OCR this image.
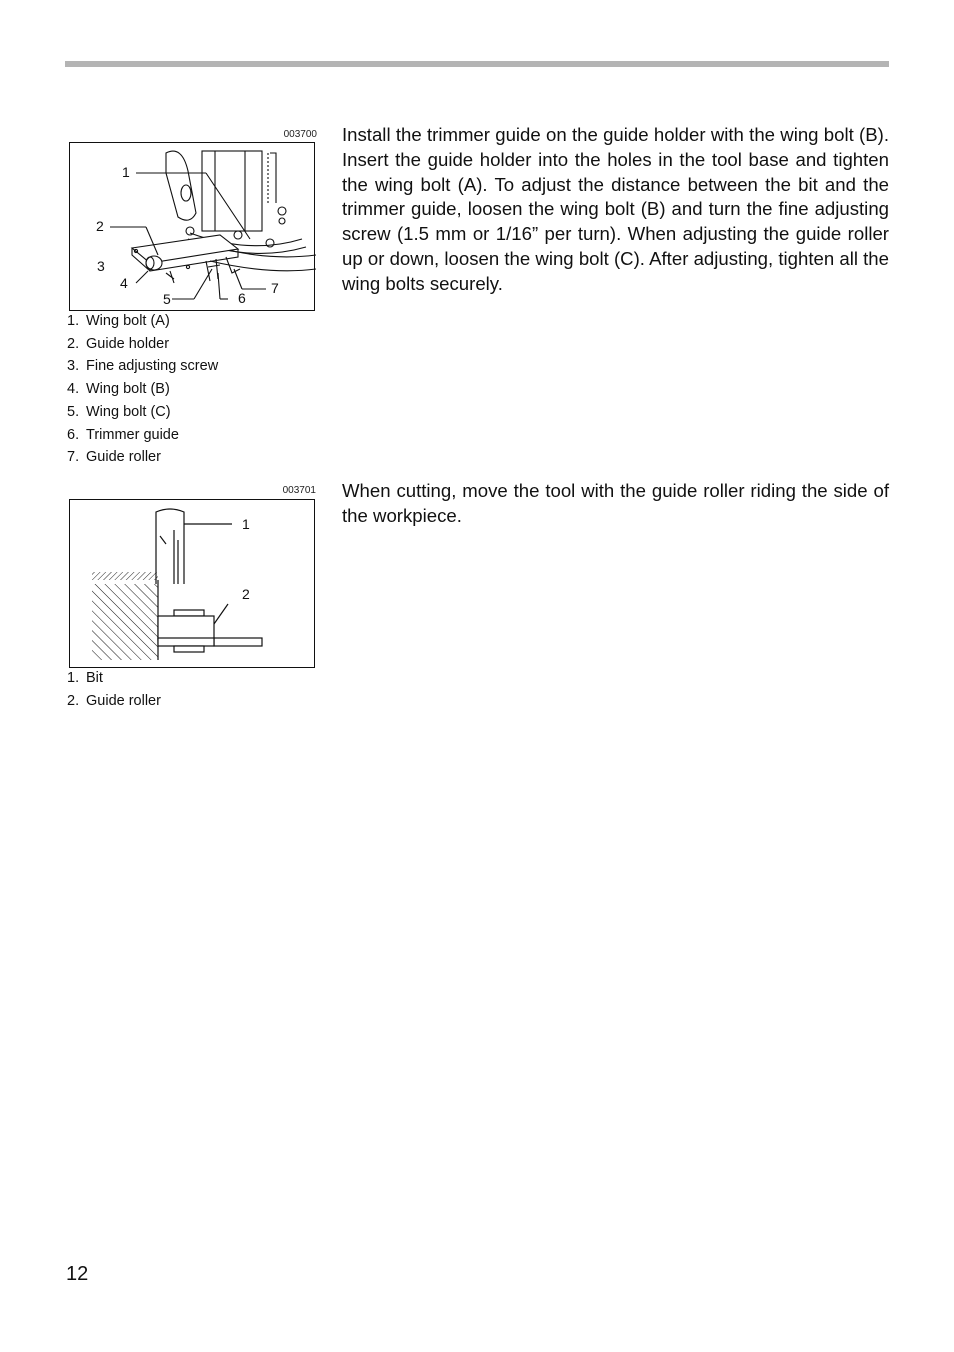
003700
1
2
3
4
5	6
7
1. Wing bolt (A)
2. Guide holder
3. Fine adjusting screw
4. Wing bolt (B)
5. Wing bolt (C)
6. Trimmer guide
7. Guide roller

Install the trimmer guide on the guide holder with the wing bolt (B). Insert the guide holder into the holes in the tool base and tighten the wing bolt (A). To adjust the distance between the bit and the trimmer guide, loosen the wing bolt (B) and turn the fine adjusting screw (1.5 mm or 1/16” per turn). When adjusting the guide roller up or down, loosen the wing bolt (C). After adjusting, tighten all the wing bolts securely.

003701
1
2
1. Bit
2. Guide roller

When cutting, move the tool with the guide roller riding the side of the workpiece.

12
